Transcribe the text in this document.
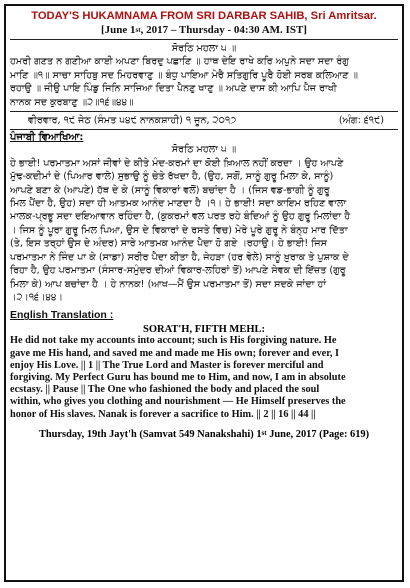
TODAY'S HUKAMNAMA FROM SRI DARBAR SAHIB, Sri Amritsar.
[June 1st, 2017 – Thursday - 04:30 AM. IST]
ਸੋਰਠਿ ਮਹਲਾ ੫ ॥
ਹਮਰੀ ਗਣਤ ਨ ਗਣੀਆ ਕਾਈ ਅਪਣਾ ਬਿਰਦੁ ਪਛਾਣਿ ॥ ਹਾਥ ਦੇਇ ਰਾਖੇ ਕਰਿ ਅਪੁਨੇ ਸਦਾ ਸਦਾ ਰੰਗੁ
ਮਾਣਿ ॥੧॥ ਸਾਚਾ ਸਾਹਿਬੁ ਸਦ ਮਿਹਰਵਾਣੁ ॥ ਬੰਧੁ ਪਾਇਆ ਮੇਰੈ ਸਤਿਗੁਰਿ ਪੂਰੈ ਹੋਈ ਸਰਬ ਕਲਿਆਣ ॥
ਰਹਾਉ ॥ ਜੀਉ ਪਾਇ ਪਿੰਡੁ ਜਿਨਿ ਸਾਜਿਆ ਦਿਤਾ ਪੈਨਣੁ ਖਾਣੁ ॥ ਅਪਣੇ ਦਾਸ ਕੀ ਆਪਿ ਪੈਜ ਰਾਖੀ
ਨਾਨਕ ਸਦ ਕੁਰਬਾਣੁ ॥੨॥੧੬॥੪੪॥
ਵੀਰਵਾਰ, ੧੯ ਜੇਠ (ਸੰਮਤ ੫੪੯ ਨਾਨਕਸ਼ਾਹੀ) ੧ ਜੂਨ, ੨੦੧੭	(ਅੰਗ: ੬੧੯)
ਪੰਜਾਬੀ ਵਿਆਖਿਆ:
ਸੋਰਠਿ ਮਹਲਾ ੫ ॥
ਹੇ ਭਾਈ! ਪਰਮਾਤਮਾ ਅਸਾਂ ਜੀਵਾਂ ਦੇ ਕੀਤੇ ਮੰਦ-ਕਰਮਾਂ ਦਾ ਕੋਈ ਖ਼ਿਆਲ ਨਹੀਂ ਕਰਦਾ । ਉਹ ਆਪਣੇ
ਮੁੱਢ-ਕਦੀਮਾਂ ਦੇ (ਪਿਆਰ ਵਾਲੇ) ਸੁਭਾਉ ਨੂੰ ਚੇਤੇ ਰੱਖਦਾ ਹੈ, (ਉਹ, ਸਗੋਂ, ਸਾਨੂੰ ਗੁਰੂ ਮਿਲਾ ਕੇ, ਸਾਨੂੰ)
ਆਪਣੇ ਬਣਾ ਕੇ (ਆਪਣੇ) ਹੱਥ ਦੇ ਕੇ (ਸਾਨੂੰ ਵਿਕਾਰਾਂ ਵਲੋਂ) ਬਚਾਂਦਾ ਹੈ । (ਜਿਸ ਵਡ-ਭਾਗੀ ਨੂੰ ਗੁਰੂ
ਮਿਲ ਪੈਂਦਾ ਹੈ, ਉਹ) ਸਦਾ ਹੀ ਆਤਮਕ ਆਨੰਦ ਮਾਣਦਾ ਹੈ ।੧। ਹੇ ਭਾਈ! ਸਦਾ ਕਾਇਮ ਰਹਿਣ ਵਾਲਾ
ਮਾਲਕ-ਪ੍ਰਭੂ ਸਦਾ ਦਇਆਵਾਨ ਰਹਿੰਦਾ ਹੈ, (ਕੁਕਰਮਾਂ ਵਲ ਪਰਤ ਰਹੇ ਬੰਦਿਆਂ ਨੂੰ ਉਹ ਗੁਰੂ ਮਿਲਾਂਦਾ ਹੈ
। ਜਿਸ ਨੂੰ ਪੂਰਾ ਗੁਰੂ ਮਿਲ ਪਿਆ, ਉਸ ਦੇ ਵਿਕਾਰਾਂ ਦੇ ਰਸਤੇ ਵਿਚ) ਮੇਰੇ ਪੂਰੇ ਗੁਰੂ ਨੇ ਬੰਨ੍ਹ ਮਾਰ ਦਿੱਤਾ
(ਤੇ, ਇਸ ਤਰ੍ਹਾਂ ਉਸ ਦੇ ਅੰਦਰ) ਸਾਰੇ ਆਤਮਕ ਆਨੰਦ ਪੈਦਾ ਹੋ ਗਏ ।ਰਹਾਉ। ਹੇ ਭਾਈ! ਜਿਸ
ਪਰਮਾਤਮਾ ਨੇ ਜਿੰਦ ਪਾ ਕੇ (ਸਾਡਾ) ਸਰੀਰ ਪੈਦਾ ਕੀਤਾ ਹੈ, ਜੇਹੜਾ (ਹਰ ਵੇਲੇ) ਸਾਨੂੰ ਖ਼ੁਰਾਕ ਤੇ ਪੁਸ਼ਾਕ ਦੇ
ਰਿਹਾ ਹੈ, ਉਹ ਪਰਮਾਤਮਾ (ਸੰਸਾਰ-ਸਮੁੰਦਰ ਦੀਆਂ ਵਿਕਾਰ-ਲਹਿਰਾਂ ਤੋਂ) ਆਪਣੇ ਸੇਵਕ ਦੀ ਇੱਜ਼ਤ (ਗੁਰੂ
ਮਿਲਾ ਕੇ) ਆਪ ਬਚਾਂਦਾ ਹੈ । ਹੇ ਨਾਨਕ! (ਆਖ—ਮੈਂ ਉਸ ਪਰਮਾਤਮਾ ਤੋਂ) ਸਦਾ ਸਦਕੇ ਜਾਂਦਾ ਹਾਂ
।੨।੧੬।੪੪।
English Translation :
SORAT'H, FIFTH MEHL:
He did not take my accounts into account; such is His forgiving nature. He
gave me His hand, and saved me and made me His own; forever and ever, I
enjoy His Love. || 1 || The True Lord and Master is forever merciful and
forgiving. My Perfect Guru has bound me to Him, and now, I am in absolute
ecstasy. || Pause || The One who fashioned the body and placed the soul
within, who gives you clothing and nourishment — He Himself preserves the
honor of His slaves. Nanak is forever a sacrifice to Him. || 2 || 16 || 44 ||
Thursday, 19th Jayt'h (Samvat 549 Nanakshahi) 1st June, 2017 (Page: 619)
